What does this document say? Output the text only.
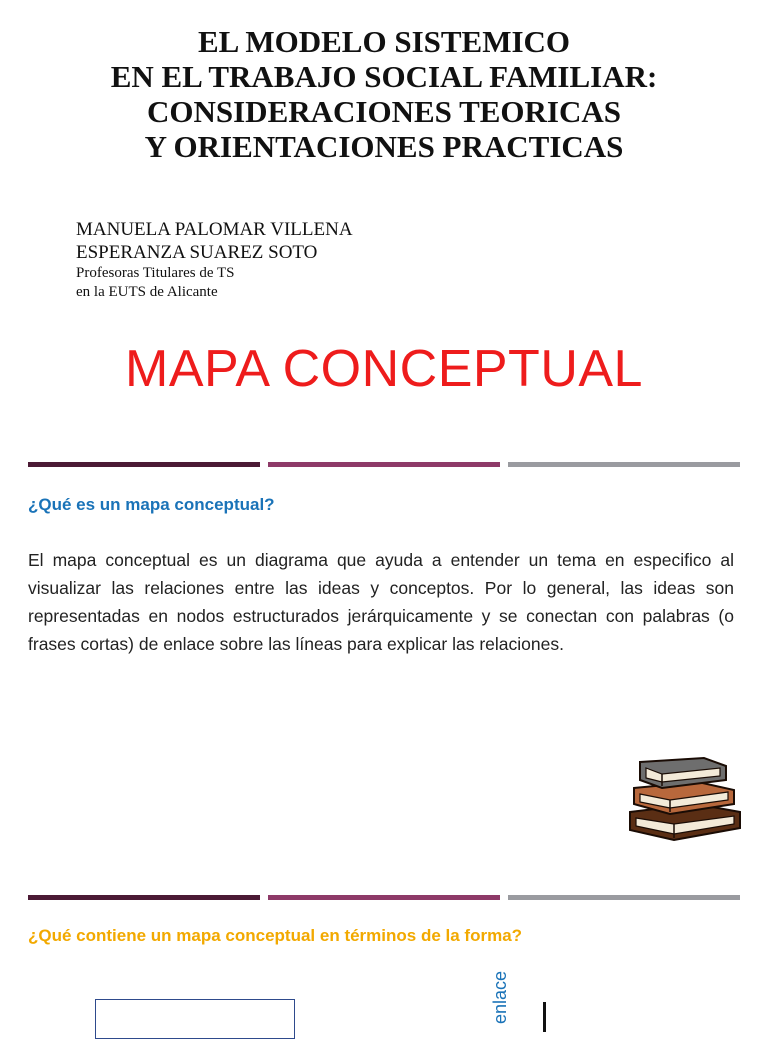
EL MODELO SISTEMICO
EN EL TRABAJO SOCIAL FAMILIAR:
CONSIDERACIONES TEORICAS
Y ORIENTACIONES PRACTICAS
MANUELA PALOMAR VILLENA
ESPERANZA SUAREZ SOTO
Profesoras Titulares de TS
en la EUTS de Alicante
MAPA CONCEPTUAL
¿Qué es un mapa conceptual?

El mapa conceptual es un diagrama que ayuda a entender un tema en especifico al visualizar las relaciones entre las ideas y conceptos. Por lo general, las ideas son representadas en nodos estructurados jerárquicamente y se conectan con palabras (o frases cortas) de enlace sobre las líneas para explicar las relaciones.

¿Qué contiene un mapa conceptual en términos de la forma?
enlace
